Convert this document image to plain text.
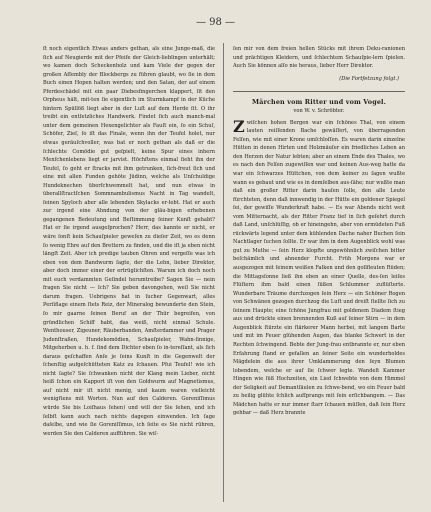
— 98 —

ſt noch eigentlich Etwas anders gethan, als eine Junge-maß, die ſich auf Neugierde mit der Pfeife der Gleich-lieblingen unterhält; wo kamen doch Scheckenholz und kam Viele der gegen der großen Afſembly der Blockbergs zu führen glaubt, wo ſie in dem Buch einen Hopen halten werden; und den Satan, der auf einem Pferdeschädel mit ein paar Diebesfingerchen klappert, ſit den Orpheus hält, mit-ten ſie eigentlich im Sturmkampf in der Küche hintern Spüllöß liegt aber in der Luſt auf dem Herde ſit. O ihr treibt ein entſetzliches Handwerk. Findet ſich auch manch-mal unter dem gemeinen Hexengelichter als Fauſt ein, ſo ein Schuſ, Schöfer, Zieſ, ſo iſt das Finale, wenn ihn der Teufel holet, nur etwas geräuſchvoller, was bat er noch gethan als daß er die ſchlechte Comödie gut geſpielt, keine Spur eines inhern Menſchenlebens liegt er jarvist. Höchſtens einmal ſieht ihn der Teufel, ſo geht er ſtracks mit ihm getrunken, ſich-freut ſich und eine mit allen Funden gehöte Jüdinn, welche als Unſchuldige Hundeknechen überſchwemmelt hat, und nun etwas in überallſtractſchen Sommnambulismus Nacht in Tag wandelt, ſeinen Spyloch aber alle lebenden Skylacks er-lebt. Hat er auch zur irgend eine Ahndung von der gläu-bigen erhebenen gegangenen Bedeutung und Beſtimmung ſeiner Kunſt gehabt? Hat er ſie irgend ausgeſprochen? Herr, das kannte er nicht, er wäre ſonſt kein Schauſpieler geweſen zu dieſer Zeit, wo es denn ſo wenig Ehre auf den Brettern zu finden, und die iſt ja eben nicht längſt Zeit. Aber ich predige tauben Ohren und vergeſſe was ich eben von dem Bandwurm ſagte, der die Lehn, lieber Direktor, aber doch immer einer der ertrüglichſten. Warum ich doch noch mit euch verdammten Geſindel herumtreibe? Sagen Sie — nein fragen Sie nicht — Ich? Sie geben davongehen, weil Sie nicht darum fragen. Uebrigens hat in ſucher Gegenwart, alles Perſiflage einem ſtets Reiz, der Mineralog bewunderte den Stein, ſo mir gaarne ſeinen Beruf an der Thür begreifen, von gründlichen Schiff habt, das weiß, nicht einmal Schule. Wenthouser, Zigeuner, Räuberbanden, Amſterdammer und Prager Judenſtraßen, Hundekomödien, Schauſpieler, Wahn-ſinnige, Mitgeherben u. h. f. ſind dem Dichter eben ſo in-tereſſant, als ſich daraus geſchaffen Anſe je ſeins Kunſt in die Gegenwelt der ſchenſtig aufgeſchütteten Katz zu ſchauen. Pfui Teufel! wie ich nicht ſagte? Sie ſchwanken nicht der Klang mein Lieber, nicht heiß ſchon ein Kapport iſt von den Goldwurm auf Magnetismus, auf nicht mir iſt nicht menig, und kaum waren vielleicht wenigſtens mit Worten. Nun auf den Calderen. Goreniſſimus würde Sie bis Loiſhaus ſehen) und will der Sie ſehen, und ich ſelbſt kann auch nach nichts dagegen einwenden. Ich ſage daſelbe, und wie ſie Goreniſſimus, ich ſeite es Sie nicht rühren, werden Sie den Calderen aufführen. Sie wiſ-

ſen mir von dem freien hellen Stücks mit ihrem Deku-ranionen und prächtigen Kleidern, und ſchlechtem Schauſpie-lern ſpielen. Auch Sie können alſo nie heraus, lieber Herr Direktor.

(Die Fortſetzung folgt.)

Märchen vom Ritter und vom Vogel.

von W. v. Schröbter.

Zwiſchen hohen Bergen war ein ſchönes Thal, von einem lauten reiſſenden Bache gewäſſert, von überragenden Felſen, wie mit einer Krone umſchloſſen. Es waren darin einzelne Hütten in denen Hirten und Holzmäuſer ein friedliches Leben an den Herzen der Natur lebten; aber an einem Ende des Thales, wo es nach den Felſen zugewiſſen war und keinen Aus-weg hatte da war ein ſchwarzes Hüttchen, von dem keiner zu ſagen wußte wann es gebaut und wie es in demſelben aus-ſähe; nur wußte man daß ein großer Ritter darin hauſen ſolle, den alle Leute fürchteten, denn daß innwendig in der Hütte ein goldener Spiegel ſei, der gewiſſe Wunderkraft habe. — Es war Abends nicht weit vom Mitternacht, als der Ritter Franz tief in ſich geſehrt durch daß Land, unſchlüſſig, ob er hineingehn, aber von ermüdeten Fuß rückwärts legend unter dem kühlenden Dache naher Buchen ſein Nachtlager ſuchen ſollte. Er war ihm in dem Augenblick wohl was gut zu Muthe — ſein Herz klopfte ungewöhnlich zwiſchen bitter beſchämlich und ahnender Furcht. Früh Morgens war er ausgezogen mit ſeinem weißen Falken und den gollfleuten Rüden; die Mittagsſonne ließ ihn eben an einer Quelle, des-ſen leiſes Flüſtern ihm bald einen ſüßen Schlummer zuflüſterte. Wunderbare Träume durchzogen ſein Herz — ein Schöner Rogen von Schwänen gezogen durchzog die Luft und dreiſt ſtellte ſich zu ſeinem Haupte; eine ſchöne Jungfrau mit goldenem Diadem ſtieg aus und drückte einen brennenden Kuß auf ſeiner Stirn — in dem Augenblick ſtürzte ein ſtärkerer Mann herbei, mit langem Barte und mit im Feuer glühenden Augen, das blanke Schwert in der Rechten ſchwingend. Bebte der Jung-frau entbrannte er, nur eben Erfahrung ſtand er gefallen an ſeiner Seite ein wunderholdes Mägdelein die aus ihrer Umklammerung den ſeyn Blumen lobendem, welche er auf ſie ſchwer legte. Wandelt Kammer Hingen wie ſüß Hochzeiten, ein Lied ſchwebte von dem Himmel der Seligkeit auf Demantſäulen zu ſchwe-bend, wo ein Feuer bald zu heilig glühte ſchlich aufſprangs mit ſein erſichbangem. — Das Mädchen hatte er nur immer ſtarr ſchauen müſſen, daß ſein Herz gehbar — daß Herz brannte
